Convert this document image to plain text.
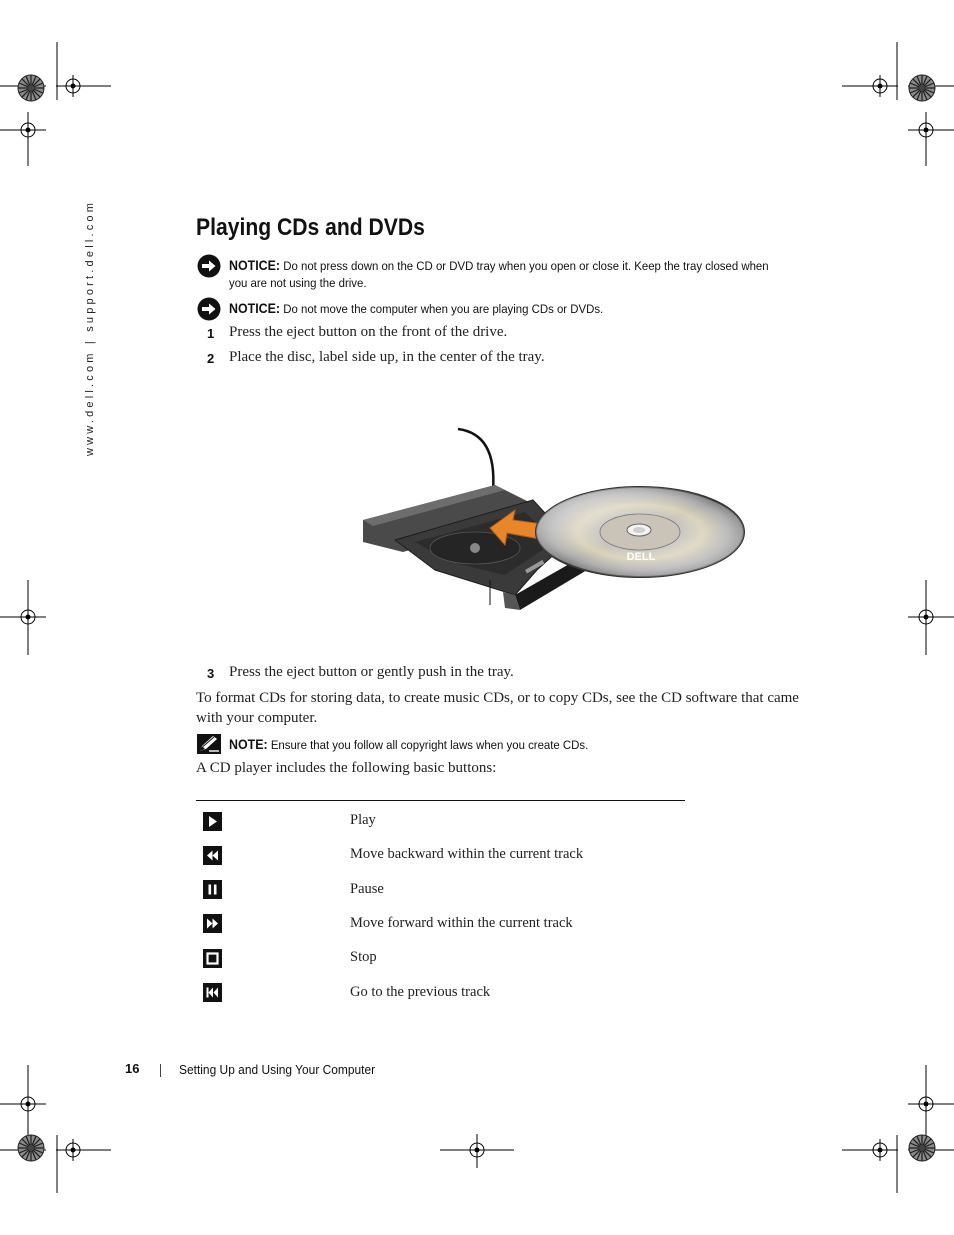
www.dell.com | support.dell.com	Playing CDs and DVDs
NOTICE: Do not press down on the CD or DVD tray when you open or close it. Keep the tray closed when you are not using the drive.
NOTICE: Do not move the computer when you are playing CDs or DVDs.
1 Press the eject button on the front of the drive.
2 Place the disc, label side up, in the center of the tray.
DELL
3 Press the eject button or gently push in the tray.
To format CDs for storing data, to create music CDs, or to copy CDs, see the CD software that came with your computer.
NOTE: Ensure that you follow all copyright laws when you create CDs.
A CD player includes the following basic buttons:
Play
Move backward within the current track
Pause
Move forward within the current track
Stop
Go to the previous track
16	Setting Up and Using Your Computer
